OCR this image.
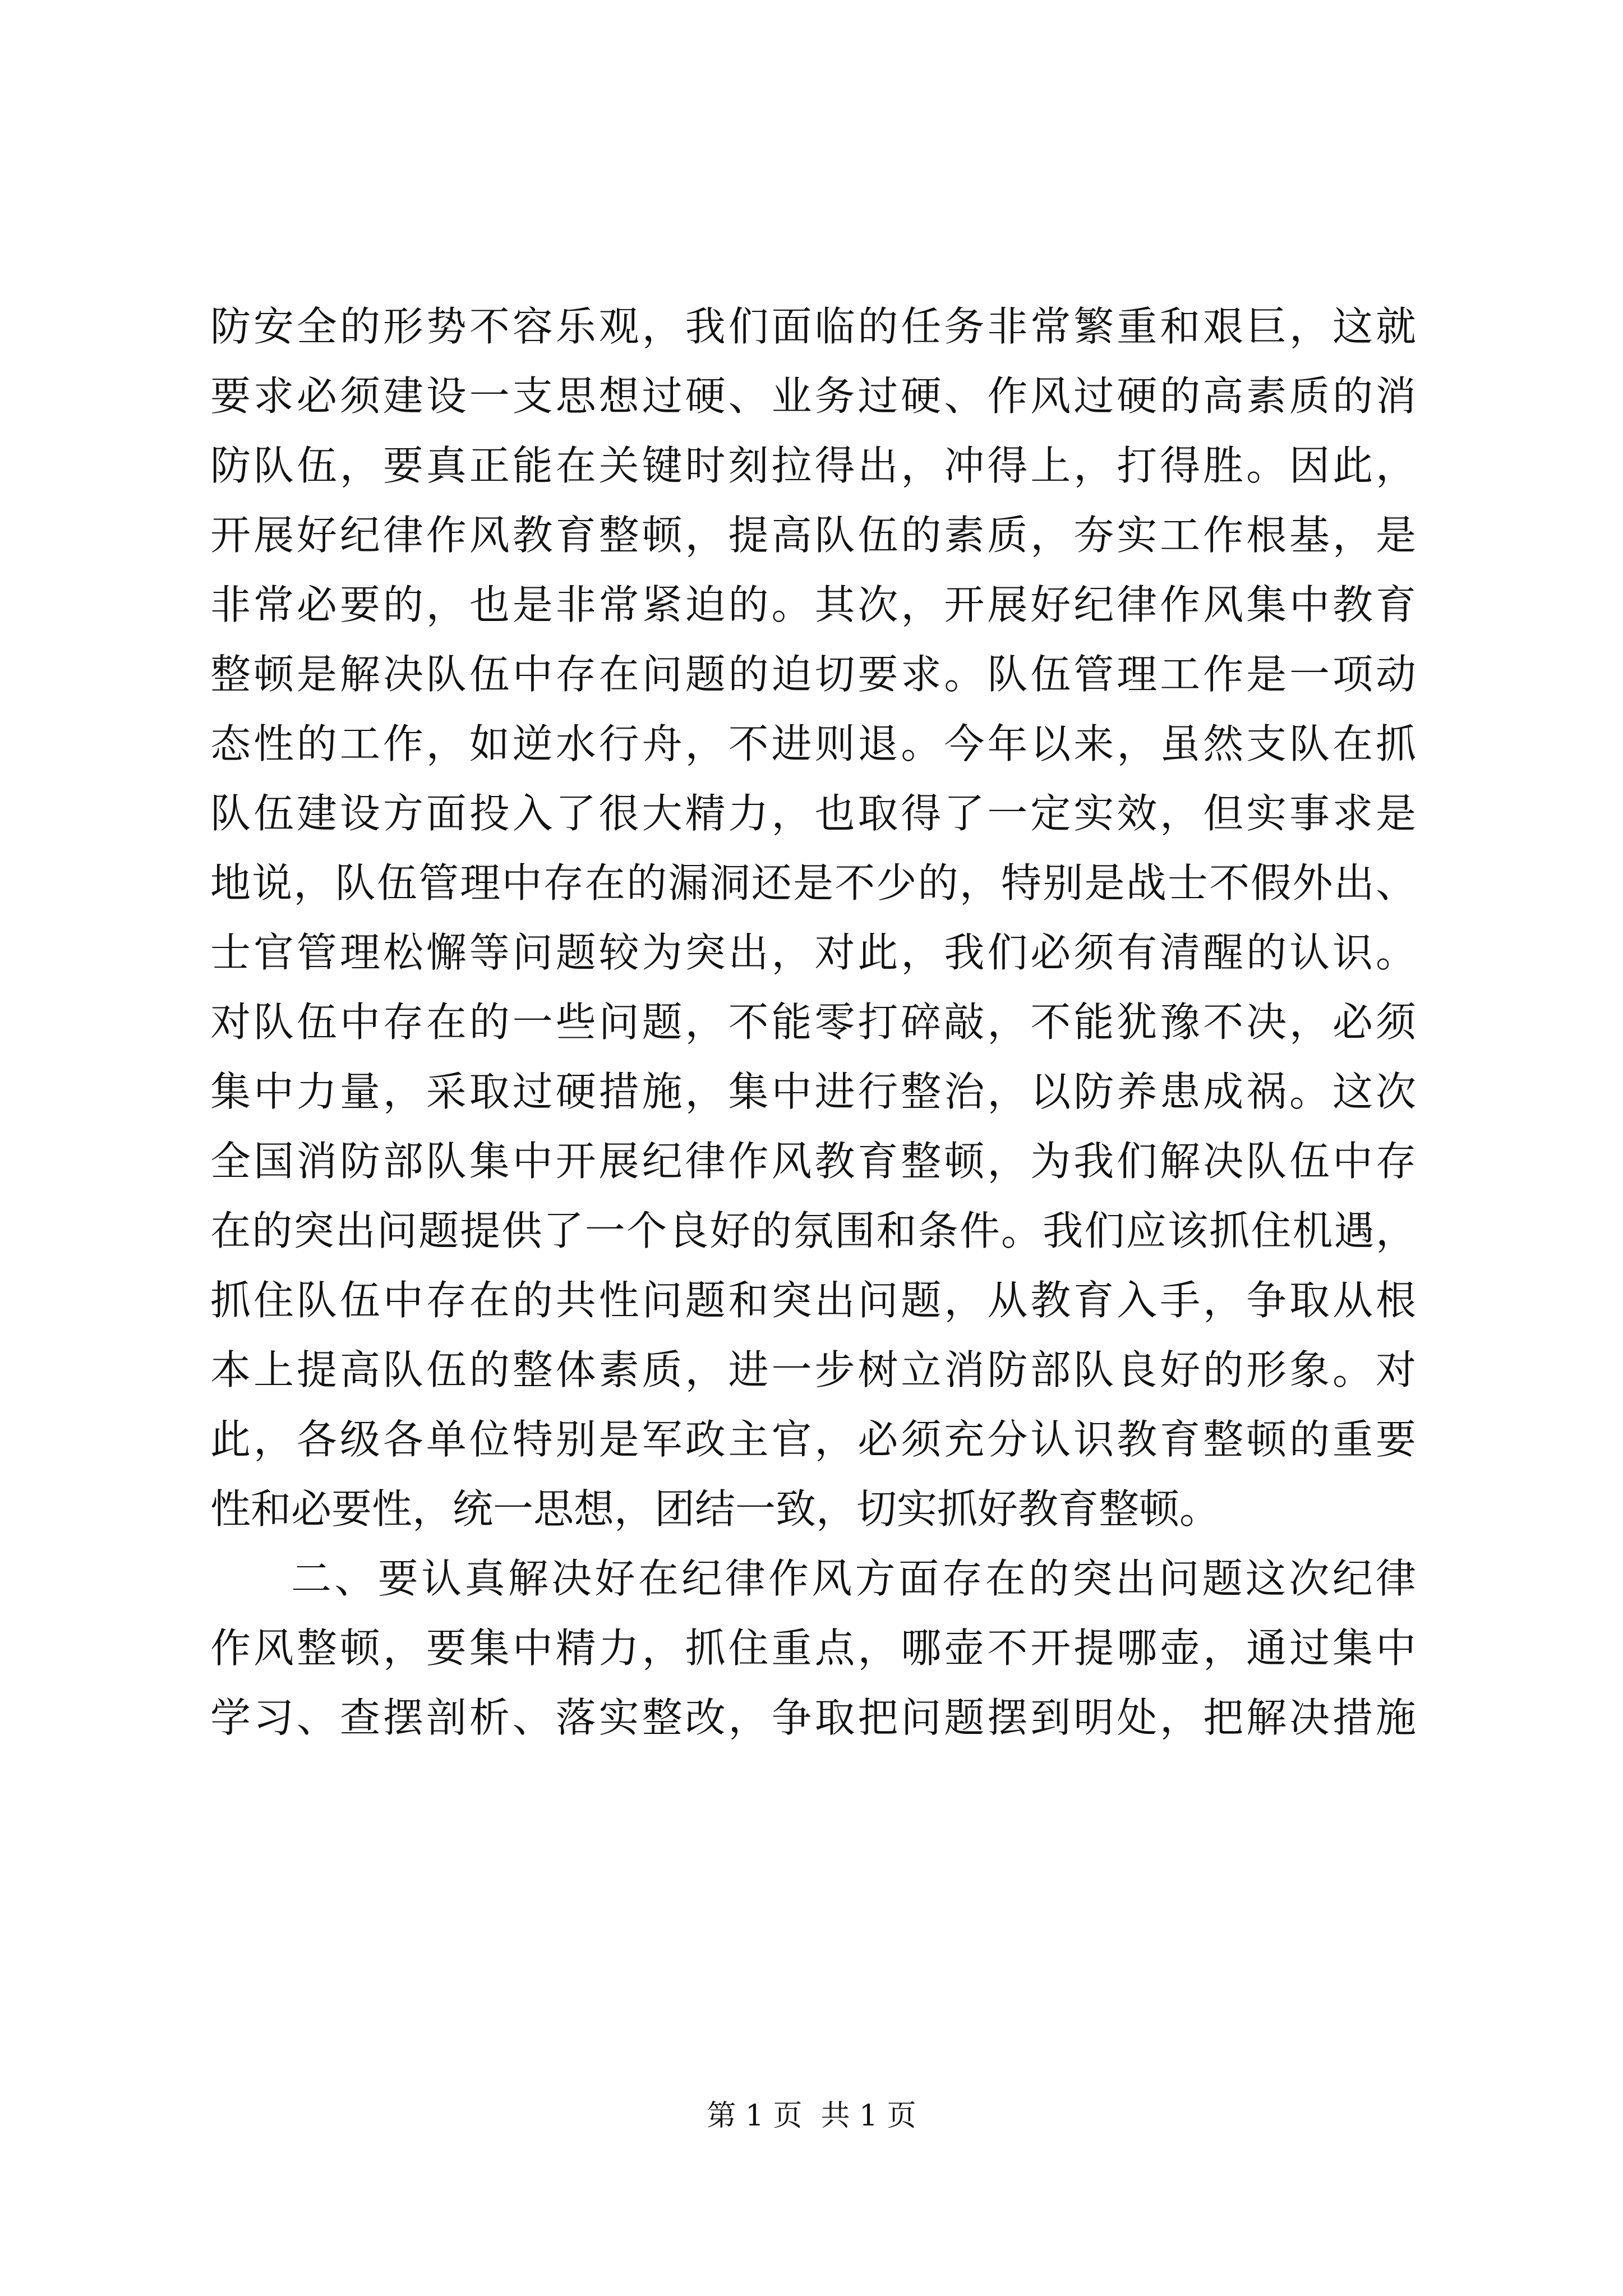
防安全的形势不容乐观，我们面临的任务非常繁重和艰巨，这就
要求必须建设一支思想过硬、业务过硬、作风过硬的高素质的消
防队伍，要真正能在关键时刻拉得出，冲得上，打得胜。因此，
开展好纪律作风教育整顿，提高队伍的素质，夯实工作根基，是
非常必要的，也是非常紧迫的。其次，开展好纪律作风集中教育
整顿是解决队伍中存在问题的迫切要求。队伍管理工作是一项动
态性的工作，如逆水行舟，不进则退。今年以来，虽然支队在抓
队伍建设方面投入了很大精力，也取得了一定实效，但实事求是
地说，队伍管理中存在的漏洞还是不少的，特别是战士不假外出、
士官管理松懈等问题较为突出，对此，我们必须有清醒的认识。
对队伍中存在的一些问题，不能零打碎敲，不能犹豫不决，必须
集中力量，采取过硬措施，集中进行整治，以防养患成祸。这次
全国消防部队集中开展纪律作风教育整顿，为我们解决队伍中存
在的突出问题提供了一个良好的氛围和条件。我们应该抓住机遇，
抓住队伍中存在的共性问题和突出问题，从教育入手，争取从根
本上提高队伍的整体素质，进一步树立消防部队良好的形象。对
此，各级各单位特别是军政主官，必须充分认识教育整顿的重要
性和必要性，统一思想，团结一致，切实抓好教育整顿。
二、要认真解决好在纪律作风方面存在的突出问题这次纪律
作风整顿，要集中精力，抓住重点，哪壶不开提哪壶，通过集中
学习、查摆剖析、落实整改，争取把问题摆到明处，把解决措施
第 1 页  共 1 页
